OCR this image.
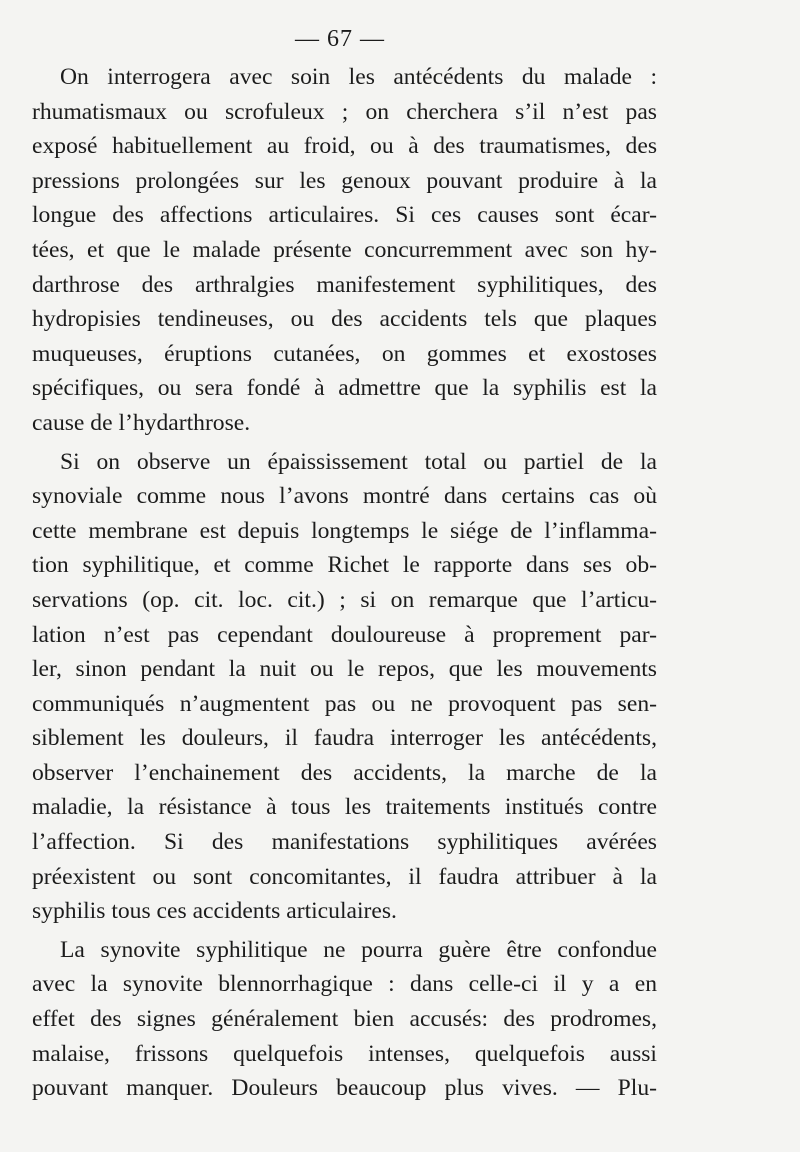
— 67 —
On interrogera avec soin les antécédents du malade :
rhumatismaux ou scrofuleux ; on cherchera s’il n’est pas
exposé habituellement au froid, ou à des traumatismes, des
pressions prolongées sur les genoux pouvant produire à la
longue des affections articulaires. Si ces causes sont écar-
tées, et que le malade présente concurremment avec son hy-
darthrose des arthralgies manifestement syphilitiques, des
hydropisies tendineuses, ou des accidents tels que plaques
muqueuses, éruptions cutanées, on gommes et exostoses
spécifiques, ou sera fondé à admettre que la syphilis est la
cause de l’hydarthrose.
Si on observe un épaississement total ou partiel de la
synoviale comme nous l’avons montré dans certains cas où
cette membrane est depuis longtemps le siége de l’inflamma-
tion syphilitique, et comme Richet le rapporte dans ses ob-
servations (op. cit. loc. cit.) ; si on remarque que l’articu-
lation n’est pas cependant douloureuse à proprement par-
ler, sinon pendant la nuit ou le repos, que les mouvements
communiqués n’augmentent pas ou ne provoquent pas sen-
siblement les douleurs, il faudra interroger les antécédents,
observer l’enchainement des accidents, la marche de la
maladie, la résistance à tous les traitements institués contre
l’affection. Si des manifestations syphilitiques avérées
préexistent ou sont concomitantes, il faudra attribuer à la
syphilis tous ces accidents articulaires.
La synovite syphilitique ne pourra guère être confondue
avec la synovite blennorrhagique : dans celle-ci il y a en
effet des signes généralement bien accusés: des prodromes,
malaise, frissons quelquefois intenses, quelquefois aussi
pouvant manquer. Douleurs beaucoup plus vives. — Plu-
